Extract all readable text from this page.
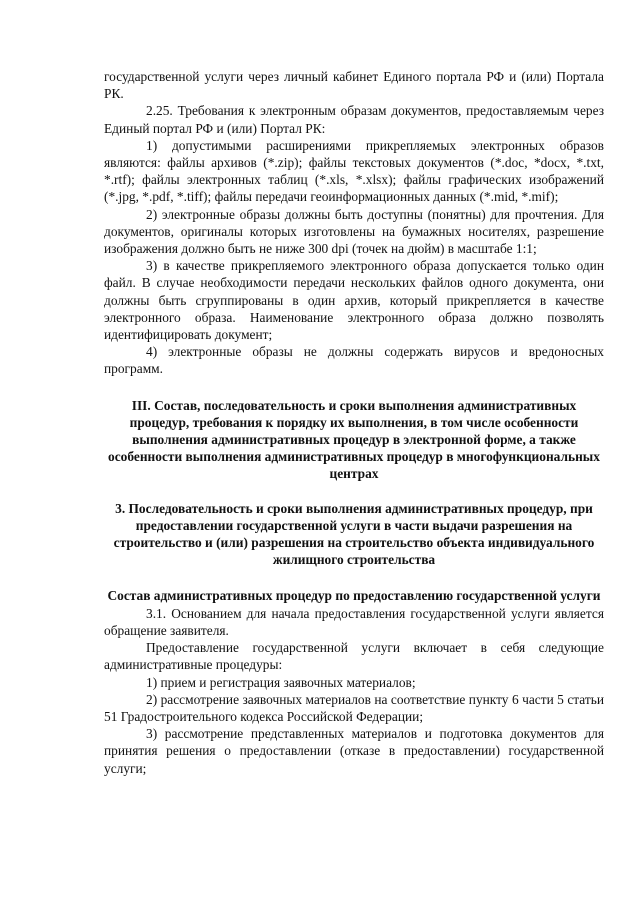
государственной услуги через личный кабинет Единого портала РФ и (или) Портала РК.

2.25. Требования к электронным образам документов, предоставляемым через Единый портал РФ и (или) Портал РК:

1) допустимыми расширениями прикрепляемых электронных образов являются: файлы архивов (*.zip); файлы текстовых документов (*.doc, *docx, *.txt, *.rtf); файлы электронных таблиц (*.xls, *.xlsx); файлы графических изображений (*.jpg, *.pdf, *.tiff); файлы передачи геоинформационных данных (*.mid, *.mif);

2) электронные образы должны быть доступны (понятны) для прочтения. Для документов, оригиналы которых изготовлены на бумажных носителях, разрешение изображения должно быть не ниже 300 dpi (точек на дюйм) в масштабе 1:1;

3) в качестве прикрепляемого электронного образа допускается только один файл. В случае необходимости передачи нескольких файлов одного документа, они должны быть сгруппированы в один архив, который прикрепляется в качестве электронного образа. Наименование электронного образа должно позволять идентифицировать документ;

4) электронные образы не должны содержать вирусов и вредоносных программ.

III. Состав, последовательность и сроки выполнения административных процедур, требования к порядку их выполнения, в том числе особенности выполнения административных процедур в электронной форме, а также особенности выполнения административных процедур в многофункциональных центрах
3. Последовательность и сроки выполнения административных процедур, при предоставлении государственной услуги в части выдачи разрешения на строительство и (или) разрешения на строительство объекта индивидуального жилищного строительства
Состав административных процедур по предоставлению государственной услуги

3.1. Основанием для начала предоставления государственной услуги является обращение заявителя.

Предоставление государственной услуги включает в себя следующие административные процедуры:

1) прием и регистрация заявочных материалов;

2) рассмотрение заявочных материалов на соответствие пункту 6 части 5 статьи 51 Градостроительного кодекса Российской Федерации;

3) рассмотрение представленных материалов и подготовка документов для принятия решения о предоставлении (отказе в предоставлении) государственной услуги;
